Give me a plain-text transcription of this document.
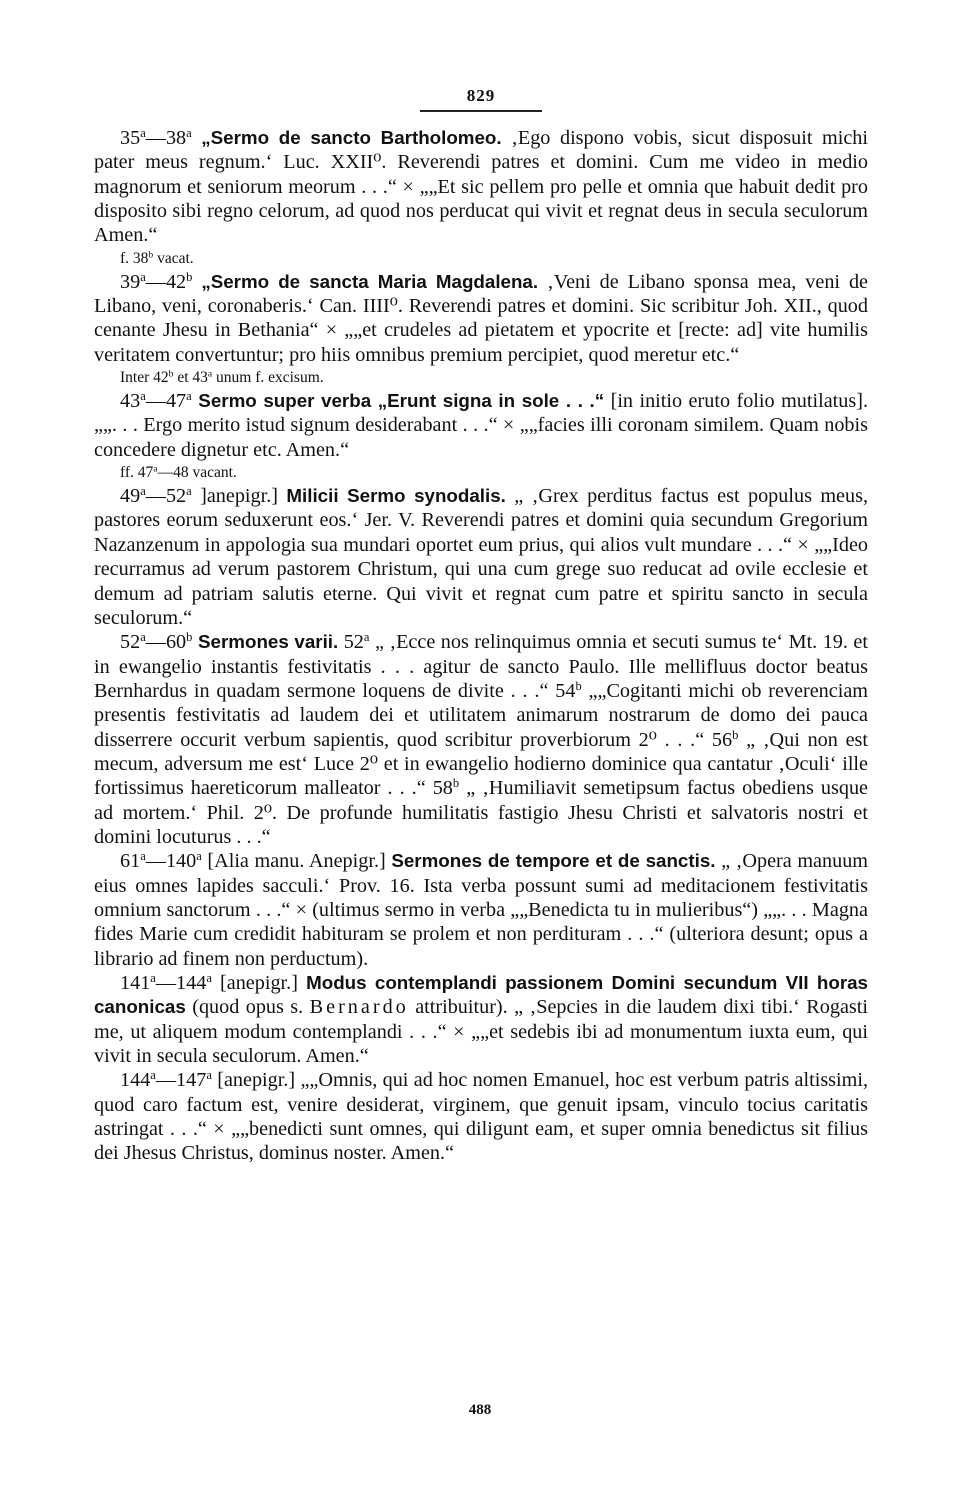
829

35$^a$—38$^a$ „Sermo de sancto Bartholomeo. ‚Ego dispono vobis, sicut disposuit michi pater meus regnum.‘ Luc. XXII⁰. Reverendi patres et domini. Cum me video in medio magnorum et seniorum meorum . . .“ × „„Et sic pellem pro pelle et omnia que habuit dedit pro disposito sibi regno celorum, ad quod nos perducat qui vivit et regnat deus in secula seculorum Amen.“

f. 38$^b$ vacat.

39$^a$—42$^b$ „Sermo de sancta Maria Magdalena. ‚Veni de Libano sponsa mea, veni de Libano, veni, coronaberis.‘ Can. IIII⁰. Reverendi patres et domini. Sic scribitur Joh. XII., quod cenante Jhesu in Bethania“ × „„et crudeles ad pietatem et ypocrite et [recte: ad] vite humilis veritatem convertuntur; pro hiis omnibus premium percipiet, quod meretur etc.“

Inter 42$^b$ et 43$^a$ unum f. excisum.

43$^a$—47$^a$ Sermo super verba „Erunt signa in sole . . .“ [in initio eruto folio mutilatus]. „„. . . Ergo merito istud signum desiderabant . . .“ × „„facies illi coronam similem. Quam nobis concedere dignetur etc. Amen.“

ff. 47$^a$—48 vacant.

49$^a$—52$^a$ ]anepigr.] Milicii Sermo synodalis. „ ‚Grex perditus factus est populus meus, pastores eorum seduxerunt eos.‘ Jer. V. Reverendi patres et domini quia secundum Gregorium Nazanzenum in appologia sua mundari oportet eum prius, qui alios vult mundare . . .“ × „„Ideo recurramus ad verum pastorem Christum, qui una cum grege suo reducat ad ovile ecclesie et demum ad patriam salutis eterne. Qui vivit et regnat cum patre et spiritu sancto in secula seculorum.“

52$^a$—60$^b$ Sermones varii. 52$^a$ „ ‚Ecce nos relinquimus omnia et secuti sumus te‘ Mt. 19. et in ewangelio instantis festivitatis . . . agitur de sancto Paulo. Ille mellifluus doctor beatus Bernhardus in quadam sermone loquens de divite . . .“ 54$^b$ „„Cogitanti michi ob reverenciam presentis festivitatis ad laudem dei et utilitatem animarum nostrarum de domo dei pauca disserrere occurit verbum sapientis, quod scribitur proverbiorum 2⁰ . . .“ 56$^b$ „ ‚Qui non est mecum, adversum me est‘ Luce 2⁰ et in ewangelio hodierno dominice qua cantatur ‚Oculi‘ ille fortissimus haereticorum malleator . . .“ 58$^b$ „ ‚Humiliavit semetipsum factus obediens usque ad mortem.‘ Phil. 2⁰. De profunde humilitatis fastigio Jhesu Christi et salvatoris nostri et domini locuturus . . .“

61$^a$—140$^a$ [Alia manu. Anepigr.] Sermones de tempore et de sanctis. „ ‚Opera manuum eius omnes lapides sacculi.‘ Prov. 16. Ista verba possunt sumi ad meditacionem festivitatis omnium sanctorum . . .“ × (ultimus sermo in verba „„Benedicta tu in mulieribus“) „„. . . Magna fides Marie cum credidit habituram se prolem et non perdituram . . .“ (ulteriora desunt; opus a librario ad finem non perductum).

141$^a$—144$^a$ [anepigr.] Modus contemplandi passionem Domini secundum VII horas canonicas (quod opus s. Bernardo attribuitur). „ ‚Sepcies in die laudem dixi tibi.‘ Rogasti me, ut aliquem modum contemplandi . . .“ × „„et sedebis ibi ad monumentum iuxta eum, qui vivit in secula seculorum. Amen.“

144$^a$—147$^a$ [anepigr.] „„Omnis, qui ad hoc nomen Emanuel, hoc est verbum patris altissimi, quod caro factum est, venire desiderat, virginem, que genuit ipsam, vinculo tocius caritatis astringat . . .“ × „„benedicti sunt omnes, qui diligunt eam, et super omnia benedictus sit filius dei Jhesus Christus, dominus noster. Amen.“

488
